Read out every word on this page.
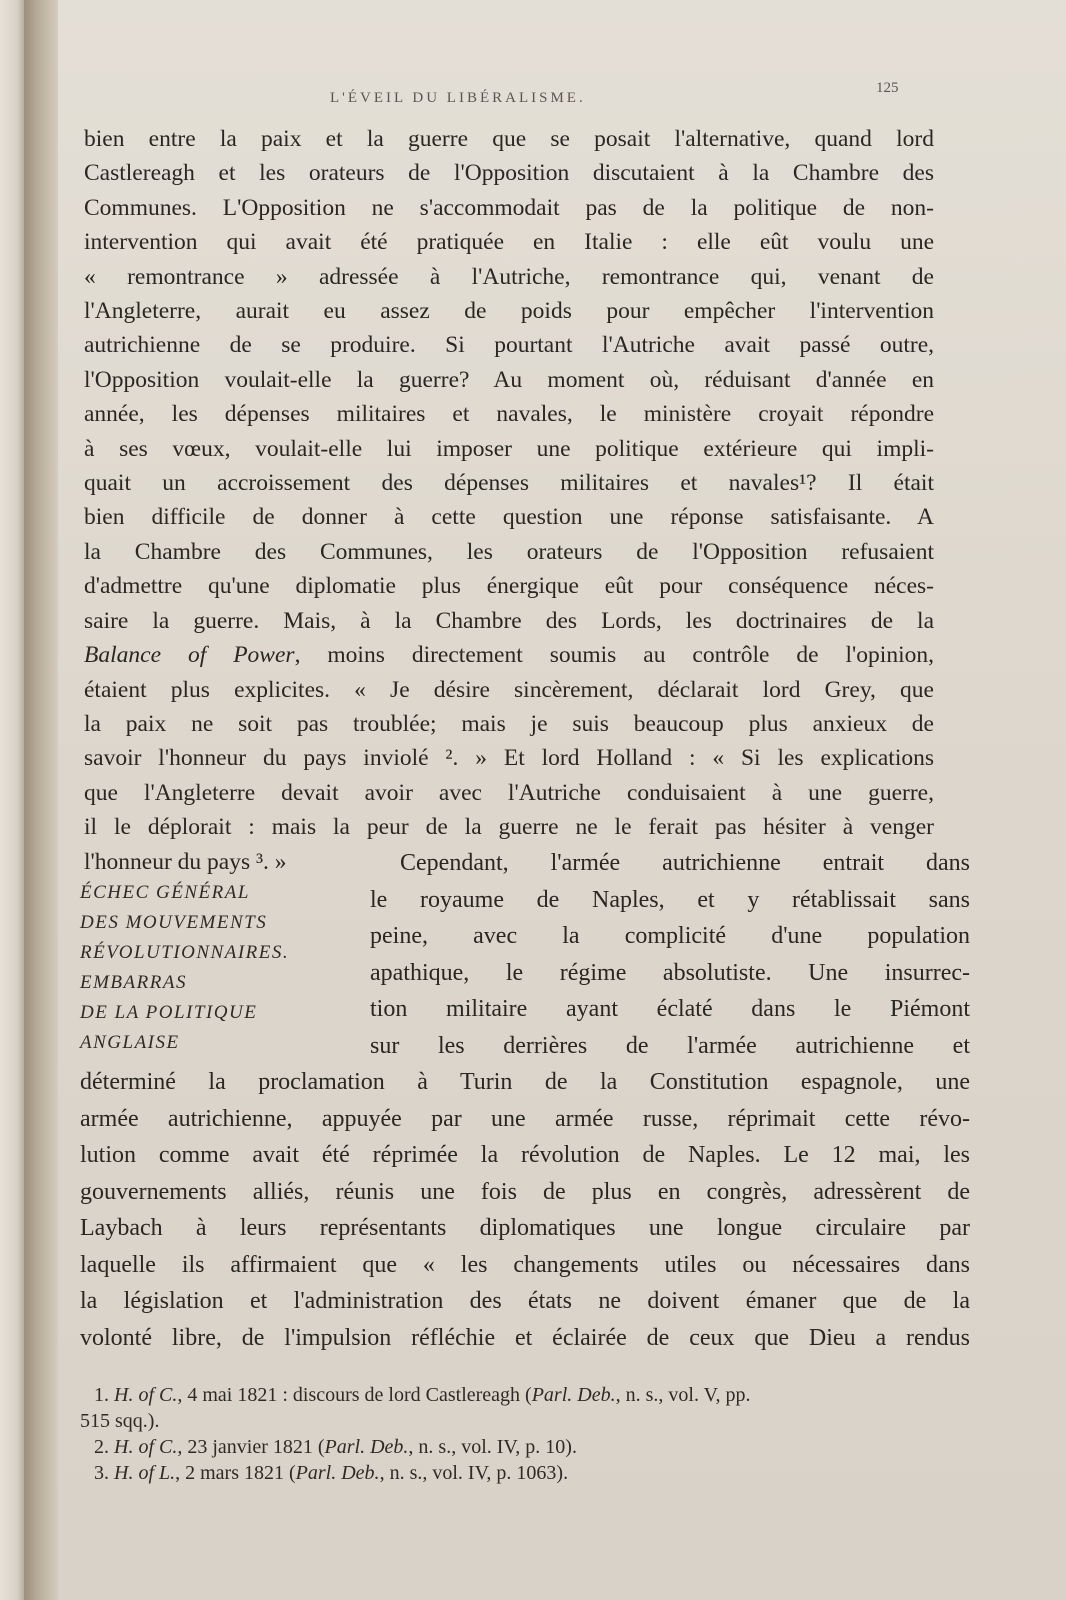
L'ÉVEIL DU LIBÉRALISME.
125
bien entre la paix et la guerre que se posait l'alternative, quand lord
Castlereagh et les orateurs de l'Opposition discutaient à la Chambre des
Communes. L'Opposition ne s'accommodait pas de la politique de non-
intervention qui avait été pratiquée en Italie : elle eût voulu une
« remontrance » adressée à l'Autriche, remontrance qui, venant de
l'Angleterre, aurait eu assez de poids pour empêcher l'intervention
autrichienne de se produire. Si pourtant l'Autriche avait passé outre,
l'Opposition voulait-elle la guerre? Au moment où, réduisant d'année en
année, les dépenses militaires et navales, le ministère croyait répondre
à ses vœux, voulait-elle lui imposer une politique extérieure qui impli-
quait un accroissement des dépenses militaires et navales¹? Il était
bien difficile de donner à cette question une réponse satisfaisante. A
la Chambre des Communes, les orateurs de l'Opposition refusaient
d'admettre qu'une diplomatie plus énergique eût pour conséquence néces-
saire la guerre. Mais, à la Chambre des Lords, les doctrinaires de la
Balance of Power, moins directement soumis au contrôle de l'opinion,
étaient plus explicites. « Je désire sincèrement, déclarait lord Grey, que
la paix ne soit pas troublée; mais je suis beaucoup plus anxieux de
savoir l'honneur du pays inviolé ². » Et lord Holland : « Si les explications
que l'Angleterre devait avoir avec l'Autriche conduisaient à une guerre,
il le déplorait : mais la peur de la guerre ne le ferait pas hésiter à venger
l'honneur du pays ³. »
ÉCHEC GÉNÉRAL
DES MOUVEMENTS
RÉVOLUTIONNAIRES.
EMBARRAS
DE LA POLITIQUE
ANGLAISE
Cependant, l'armée autrichienne entrait dans
le royaume de Naples, et y rétablissait sans
peine, avec la complicité d'une population
apathique, le régime absolutiste. Une insurrec-
tion militaire ayant éclaté dans le Piémont
sur les derrières de l'armée autrichienne et
déterminé la proclamation à Turin de la Constitution espagnole, une
armée autrichienne, appuyée par une armée russe, réprimait cette révo-
lution comme avait été réprimée la révolution de Naples. Le 12 mai, les
gouvernements alliés, réunis une fois de plus en congrès, adressèrent de
Laybach à leurs représentants diplomatiques une longue circulaire par
laquelle ils affirmaient que « les changements utiles ou nécessaires dans
la législation et l'administration des états ne doivent émaner que de la
volonté libre, de l'impulsion réfléchie et éclairée de ceux que Dieu a rendus
1. H. of C., 4 mai 1821 : discours de lord Castlereagh (Parl. Deb., n. s., vol. V, pp.
515 sqq.).
2. H. of C., 23 janvier 1821 (Parl. Deb., n. s., vol. IV, p. 10).
3. H. of L., 2 mars 1821 (Parl. Deb., n. s., vol. IV, p. 1063).
